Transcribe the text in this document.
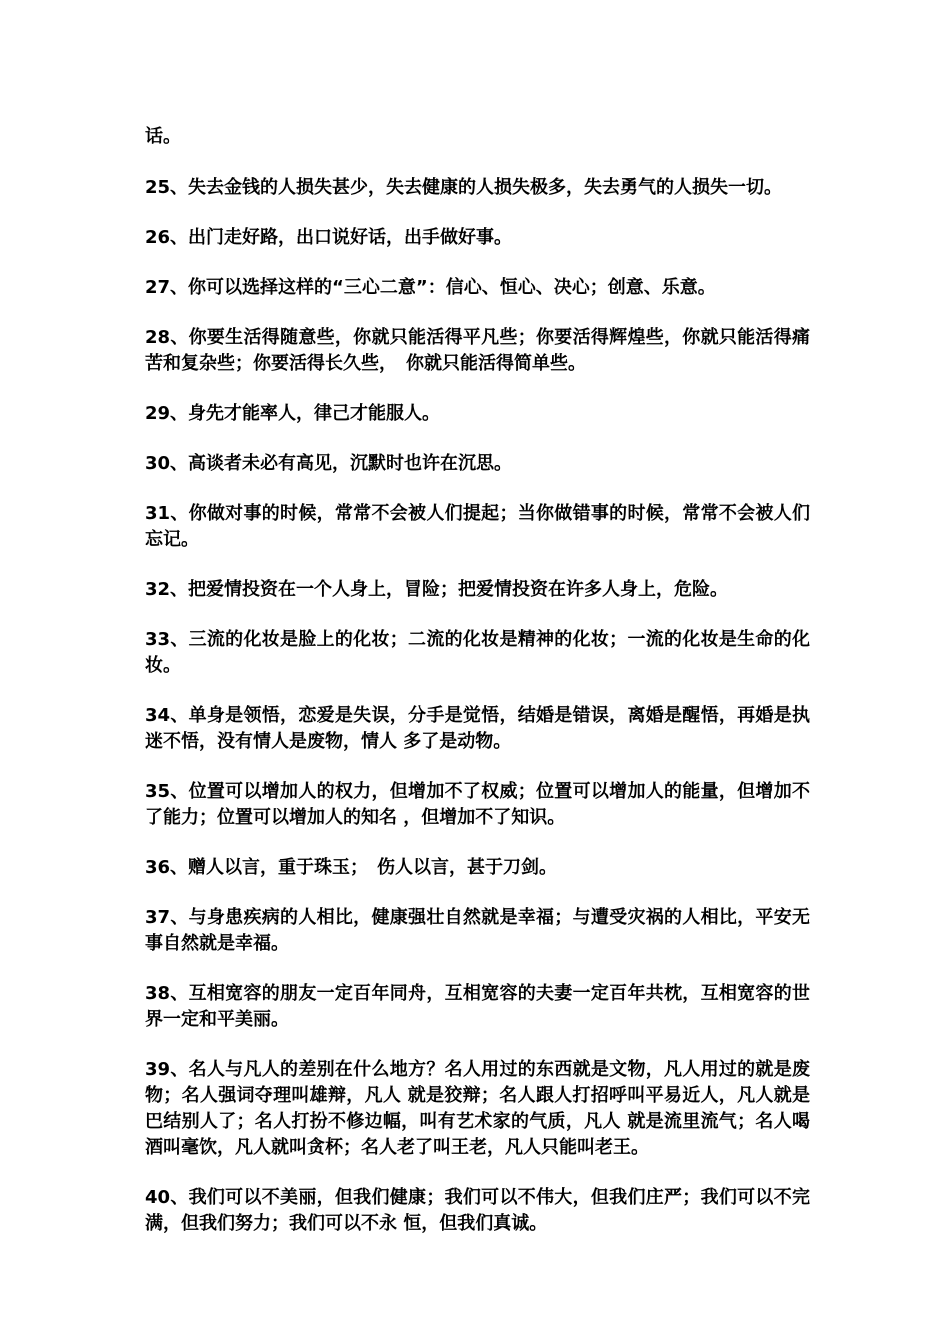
话。

25、失去金钱的人损失甚少，失去健康的人损失极多，失去勇气的人损失一切。

26、出门走好路，出口说好话，出手做好事。

27、你可以选择这样的“三心二意”：信心、恒心、决心；创意、乐意。

28、你要生活得随意些，你就只能活得平凡些；你要活得辉煌些，你就只能活得痛苦和复杂些；你要活得长久些，　你就只能活得简单些。

29、身先才能率人，律己才能服人。

30、高谈者未必有高见，沉默时也许在沉思。

31、你做对事的时候，常常不会被人们提起；当你做错事的时候，常常不会被人们忘记。

32、把爱情投资在一个人身上，冒险；把爱情投资在许多人身上，危险。

33、三流的化妆是脸上的化妆；二流的化妆是精神的化妆；一流的化妆是生命的化妆。

34、单身是领悟，恋爱是失误，分手是觉悟，结婚是错误，离婚是醒悟，再婚是执迷不悟，没有情人是废物，情人 多了是动物。

35、位置可以增加人的权力，但增加不了权威；位置可以增加人的能量，但增加不了能力；位置可以增加人的知名 ，但增加不了知识。

36、赠人以言，重于珠玉；　伤人以言，甚于刀剑。

37、与身患疾病的人相比，健康强壮自然就是幸福；与遭受灾祸的人相比，平安无事自然就是幸福。

38、互相宽容的朋友一定百年同舟，互相宽容的夫妻一定百年共枕，互相宽容的世界一定和平美丽。

39、名人与凡人的差别在什么地方？名人用过的东西就是文物，凡人用过的就是废物；名人强词夺理叫雄辩，凡人 就是狡辩；名人跟人打招呼叫平易近人，凡人就是巴结别人了；名人打扮不修边幅，叫有艺术家的气质，凡人 就是流里流气；名人喝酒叫毫饮，凡人就叫贪杯；名人老了叫王老，凡人只能叫老王。

40、我们可以不美丽，但我们健康；我们可以不伟大，但我们庄严；我们可以不完满，但我们努力；我们可以不永 恒，但我们真诚。
